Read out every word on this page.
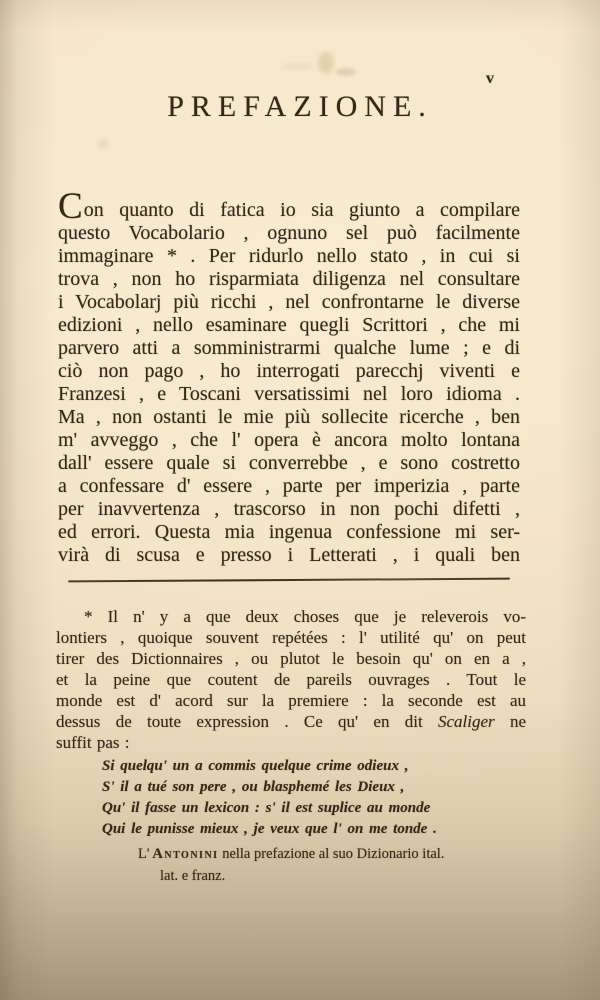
v
PREFAZIONE.
Con quanto di fatica io sia giunto a compilare
questo Vocabolario , ognuno sel può facilmente
immaginare * . Per ridurlo nello stato , in cui si
trova , non ho risparmiata diligenza nel consultare
i Vocabolarj più ricchi , nel confrontarne le diverse
edizioni , nello esaminare quegli Scrittori , che mi
parvero atti a somministrarmi qualche lume ; e di
ciò non pago , ho interrogati parecchj viventi e
Franzesi , e Toscani versatissimi nel loro idioma .
Ma , non ostanti le mie più sollecite ricerche , ben
m' avveggo , che l' opera è ancora molto lontana
dall' essere quale si converrebbe , e sono costretto
a confessare d' essere , parte per imperizia , parte
per inavvertenza , trascorso in non pochi difetti ,
ed errori. Questa mia ingenua confessione mi ser-
virà di scusa e presso i Letterati , i quali ben
* Il n' y a que deux choses que je releverois vo-
lontiers , quoique souvent repétées : l' utilité qu' on peut
tirer des Dictionnaires , ou plutot le besoin qu' on en a ,
et la peine que coutent de pareils ouvrages . Tout le
monde est d' acord sur la premiere : la seconde est au
dessus de toute expression . Ce qu' en dit Scaliger ne
suffit pas :
Si quelqu' un a commis quelque crime odieux ,
S' il a tué son pere , ou blasphemé les Dieux ,
Qu' il fasse un lexicon : s' il est suplice au monde
Qui le punisse mieux , je veux que l' on me tonde .
L' Antonini nella prefazione al suo Dizionario ital.
lat. e franz.
